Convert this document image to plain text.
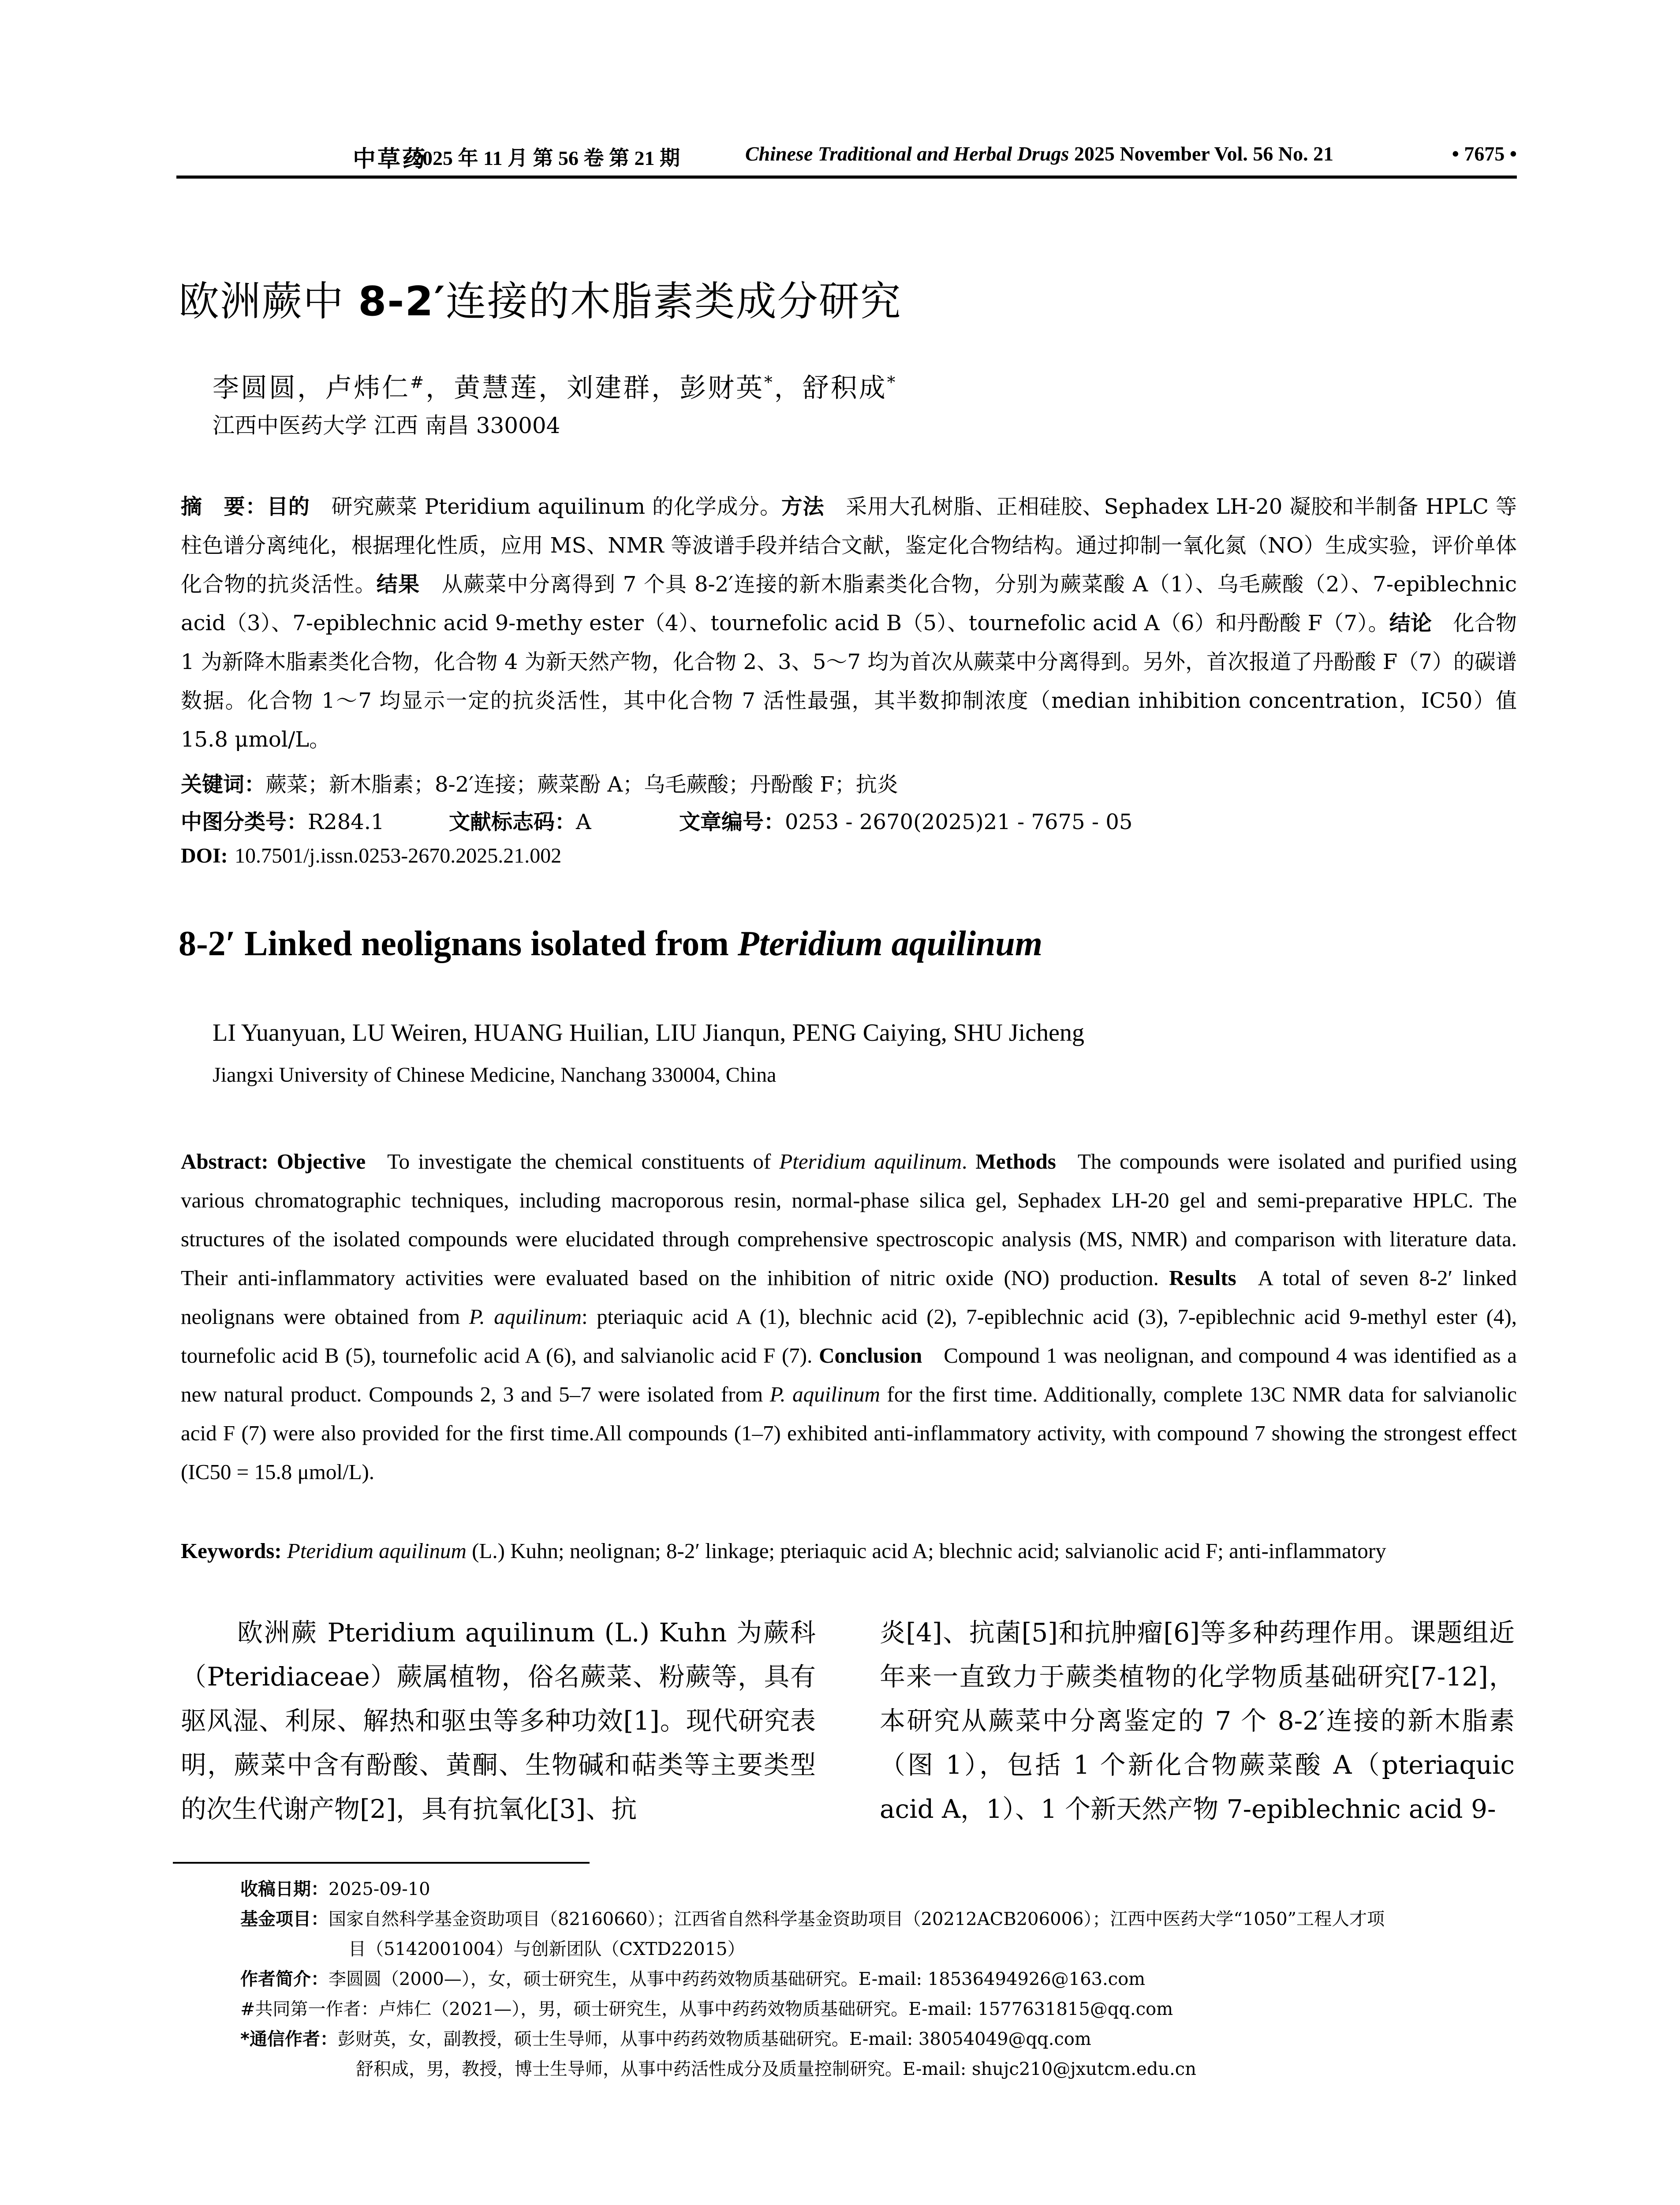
中草药
2025 年 11 月 第 56 卷 第 21 期	Chinese Traditional and Herbal Drugs 2025 November Vol. 56 No. 21	• 7675 •
欧洲蕨中 8-2′连接的木脂素类成分研究
李圆圆，卢炜仁#，黄慧莲，刘建群，彭财英*，舒积成*
江西中医药大学 江西 南昌 330004
摘　要：目的  研究蕨菜 Pteridium aquilinum 的化学成分。方法  采用大孔树脂、正相硅胶、Sephadex LH-20 凝胶和半制备 HPLC 等柱色谱分离纯化，根据理化性质，应用 MS、NMR 等波谱手段并结合文献，鉴定化合物结构。通过抑制一氧化氮（NO）生成实验，评价单体化合物的抗炎活性。结果  从蕨菜中分离得到 7 个具 8-2′连接的新木脂素类化合物，分别为蕨菜酸 A（1）、乌毛蕨酸（2）、7-epiblechnic acid（3）、7-epiblechnic acid 9-methy ester（4）、tournefolic acid B（5）、tournefolic acid A（6）和丹酚酸 F（7）。结论  化合物 1 为新降木脂素类化合物，化合物 4 为新天然产物，化合物 2、3、5～7 均为首次从蕨菜中分离得到。另外，首次报道了丹酚酸 F（7）的碳谱数据。化合物 1～7 均显示一定的抗炎活性，其中化合物 7 活性最强，其半数抑制浓度（median inhibition concentration，IC50）值 15.8 μmol/L。
关键词：蕨菜；新木脂素；8-2′连接；蕨菜酚 A；乌毛蕨酸；丹酚酸 F；抗炎
中图分类号：R284.1	文献标志码：A	文章编号：0253 - 2670(2025)21 - 7675 - 05
DOI: 10.7501/j.issn.0253-2670.2025.21.002
8-2′ Linked neolignans isolated from Pteridium aquilinum
LI Yuanyuan, LU Weiren, HUANG Huilian, LIU Jianqun, PENG Caiying, SHU Jicheng
Jiangxi University of Chinese Medicine, Nanchang 330004, China
Abstract: Objective  To investigate the chemical constituents of Pteridium aquilinum. Methods  The compounds were isolated and purified using various chromatographic techniques, including macroporous resin, normal-phase silica gel, Sephadex LH-20 gel and semi-preparative HPLC. The structures of the isolated compounds were elucidated through comprehensive spectroscopic analysis (MS, NMR) and comparison with literature data. Their anti-inflammatory activities were evaluated based on the inhibition of nitric oxide (NO) production. Results  A total of seven 8-2′ linked neolignans were obtained from P. aquilinum: pteriaquic acid A (1), blechnic acid (2), 7-epiblechnic acid (3), 7-epiblechnic acid 9-methyl ester (4), tournefolic acid B (5), tournefolic acid A (6), and salvianolic acid F (7). Conclusion  Compound 1 was neolignan, and compound 4 was identified as a new natural product. Compounds 2, 3 and 5–7 were isolated from P. aquilinum for the first time. Additionally, complete 13C NMR data for salvianolic acid F (7) were also provided for the first time.All compounds (1–7) exhibited anti-inflammatory activity, with compound 7 showing the strongest effect (IC50 = 15.8 μmol/L).
Keywords: Pteridium aquilinum (L.) Kuhn; neolignan; 8-2′ linkage; pteriaquic acid A; blechnic acid; salvianolic acid F; anti-inflammatory
欧洲蕨 Pteridium aquilinum (L.) Kuhn 为蕨科（Pteridiaceae）蕨属植物，俗名蕨菜、粉蕨等，具有驱风湿、利尿、解热和驱虫等多种功效[1]。现代研究表明，蕨菜中含有酚酸、黄酮、生物碱和萜类等主要类型的次生代谢产物[2]，具有抗氧化[3]、抗
炎[4]、抗菌[5]和抗肿瘤[6]等多种药理作用。课题组近年来一直致力于蕨类植物的化学物质基础研究[7-12]，本研究从蕨菜中分离鉴定的 7 个 8-2′连接的新木脂素（图 1），包括 1 个新化合物蕨菜酸 A（pteriaquic acid A，1）、1 个新天然产物 7-epiblechnic acid 9-
收稿日期：2025-09-10
基金项目：国家自然科学基金资助项目（82160660）；江西省自然科学基金资助项目（20212ACB206006）；江西中医药大学“1050”工程人才项
目（5142001004）与创新团队（CXTD22015）
作者简介：李圆圆（2000—），女，硕士研究生，从事中药药效物质基础研究。E-mail: 18536494926@163.com
#共同第一作者：卢炜仁（2021—），男，硕士研究生，从事中药药效物质基础研究。E-mail: 1577631815@qq.com
*通信作者：彭财英，女，副教授，硕士生导师，从事中药药效物质基础研究。E-mail: 38054049@qq.com
舒积成，男，教授，博士生导师，从事中药活性成分及质量控制研究。E-mail: shujc210@jxutcm.edu.cn
